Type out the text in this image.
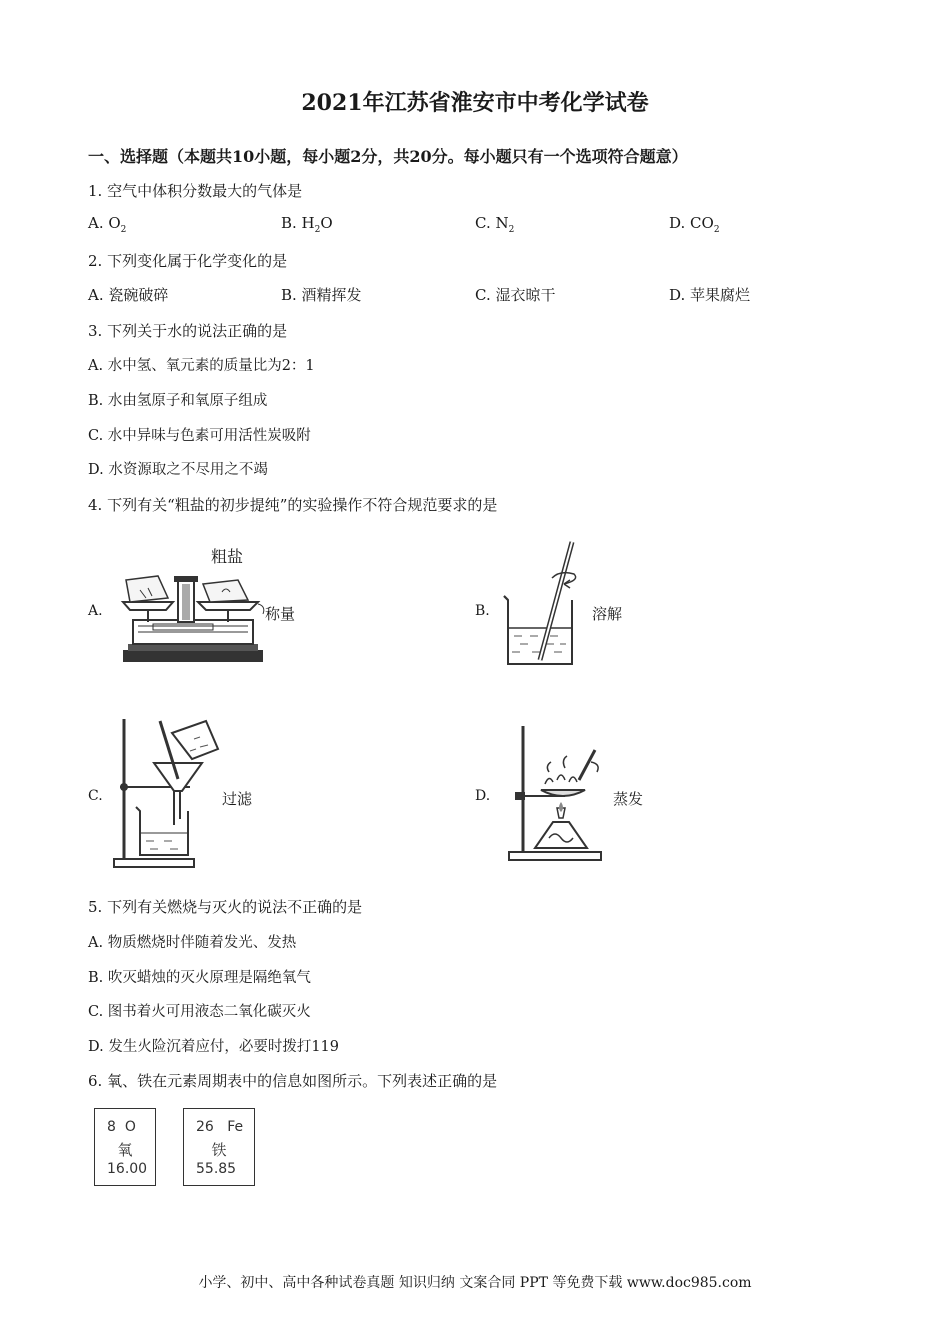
2021年江苏省淮安市中考化学试卷
一、选择题（本题共10小题，每小题2分，共20分。每小题只有一个选项符合题意）
1. 空气中体积分数最大的气体是
A. $O_2$	B. $H_2O$	C. $N_2$	D. $CO_2$
2. 下列变化属于化学变化的是
A. 瓷碗破碎	B. 酒精挥发	C. 湿衣晾干	D. 苹果腐烂
3. 下列关于水的说法正确的是
A. 水中氢、氧元素的质量比为2：1
B. 水由氢原子和氧原子组成
C. 水中异味与色素可用活性炭吸附
D. 水资源取之不尽用之不竭
4. 下列有关“粗盐的初步提纯”的实验操作不符合规范要求的是
A.
粗盐
称量	B.	溶解
C.	过滤	D.	蒸发
5. 下列有关燃烧与灭火的说法不正确的是
A. 物质燃烧时伴随着发光、发热
B. 吹灭蜡烛的灭火原理是隔绝氧气
C. 图书着火可用液态二氧化碳灭火
D. 发生火险沉着应付，必要时拨打119
6. 氧、铁在元素周期表中的信息如图所示。下列表述正确的是
8 O
氧
16.00
26 Fe
铁
55.85
小学、初中、高中各种试卷真题 知识归纳 文案合同 PPT 等免费下载 www.doc985.com
